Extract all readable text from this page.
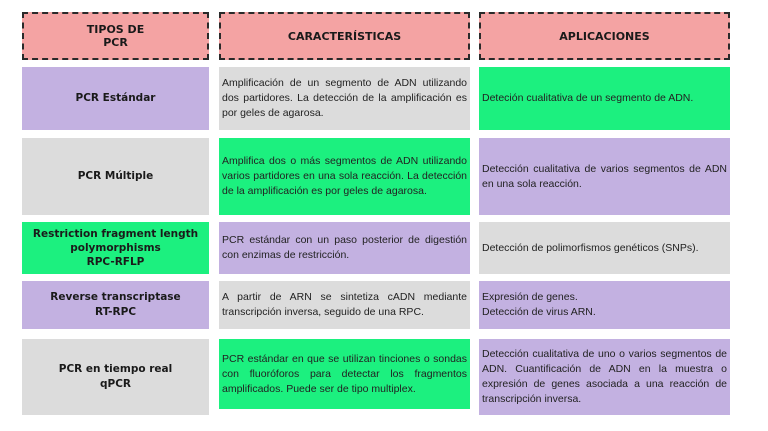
TIPOS DE
PCR	CARACTERÍSTICAS	APLICACIONES
PCR Estándar
Amplificación de un segmento de ADN utilizando dos partidores. La detección de la amplificación es por geles de agarosa.
Deteción cualitativa de un segmento de ADN.
PCR Múltiple
Amplifica dos o más segmentos de ADN utilizando varios partidores en una sola reacción. La detección de la amplificación es por geles de agarosa.
Detección cualitativa de varios segmentos de ADN en una sola reacción.
Restriction fragment length
polymorphisms
RPC-RFLP
PCR estándar con un paso posterior de digestión con enzimas de restricción.
Detección de polimorfismos genéticos (SNPs).
Reverse transcriptase
RT-RPC
A partir de ARN se sintetiza cADN mediante transcripción inversa, seguido de una RPC.
Expresión de genes.
Detección de virus ARN.
PCR en tiempo real
qPCR
PCR estándar en que se utilizan tinciones o sondas con fluoróforos para detectar los fragmentos amplificados. Puede ser de tipo multiplex.
Detección cualitativa de uno o varios segmentos de ADN. Cuantificación de ADN en la muestra o expresión de genes asociada a una reacción de transcripción inversa.
